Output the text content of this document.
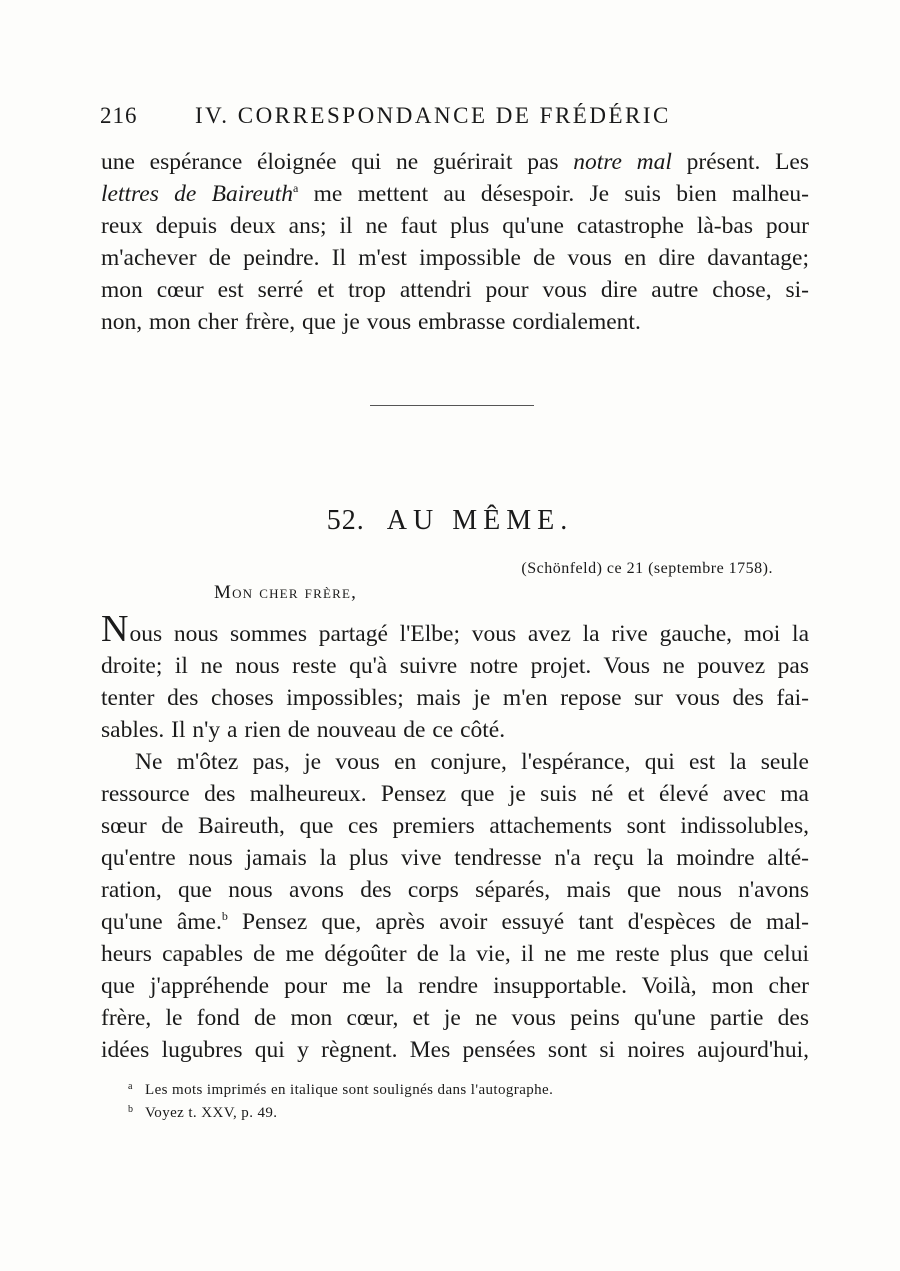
216	IV. CORRESPONDANCE DE FRÉDÉRIC
une espérance éloignée qui ne guérirait pas notre mal présent. Les
lettres de Baireuth$^a$ me mettent au désespoir. Je suis bien malheu-
reux depuis deux ans; il ne faut plus qu'une catastrophe là-bas pour
m'achever de peindre. Il m'est impossible de vous en dire davantage;
mon cœur est serré et trop attendri pour vous dire autre chose, si-
non, mon cher frère, que je vous embrasse cordialement.
52. AU MÊME.
(Schönfeld) ce 21 (septembre 1758).
Mon cher frère,
Nous nous sommes partagé l'Elbe; vous avez la rive gauche, moi la
droite; il ne nous reste qu'à suivre notre projet. Vous ne pouvez pas
tenter des choses impossibles; mais je m'en repose sur vous des fai-
sables. Il n'y a rien de nouveau de ce côté.
Ne m'ôtez pas, je vous en conjure, l'espérance, qui est la seule
ressource des malheureux. Pensez que je suis né et élevé avec ma
sœur de Baireuth, que ces premiers attachements sont indissolubles,
qu'entre nous jamais la plus vive tendresse n'a reçu la moindre alté-
ration, que nous avons des corps séparés, mais que nous n'avons
qu'une âme.$^b$ Pensez que, après avoir essuyé tant d'espèces de mal-
heurs capables de me dégoûter de la vie, il ne me reste plus que celui
que j'appréhende pour me la rendre insupportable. Voilà, mon cher
frère, le fond de mon cœur, et je ne vous peins qu'une partie des
idées lugubres qui y règnent. Mes pensées sont si noires aujourd'hui,
a Les mots imprimés en italique sont soulignés dans l'autographe.
b Voyez t. XXV, p. 49.
